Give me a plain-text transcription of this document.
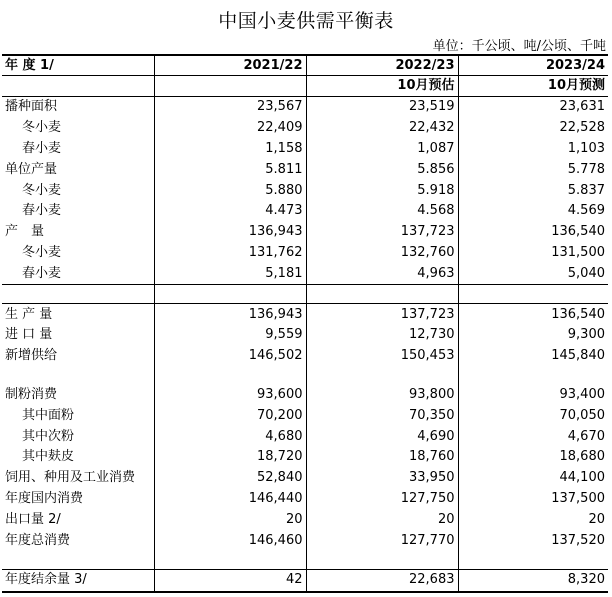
中国小麦供需平衡表
单位：千公顷、吨/公顷、千吨
年 度 1/	2021/22	2022/23	2023/24
		10月预估	10月预测
播种面积	23,567	23,519	23,631
冬小麦	22,409	22,432	22,528
春小麦	1,158	1,087	1,103
单位产量	5.811	5.856	5.778
冬小麦	5.880	5.918	5.837
春小麦	4.473	4.568	4.569
产　量	136,943	137,723	136,540
冬小麦	131,762	132,760	131,500
春小麦	5,181	4,963	5,040

生 产 量	136,943	137,723	136,540
进 口 量	9,559	12,730	9,300
新增供给	146,502	150,453	145,840

制粉消费	93,600	93,800	93,400
其中面粉	70,200	70,350	70,050
其中次粉	4,680	4,690	4,670
其中麸皮	18,720	18,760	18,680
饲用、种用及工业消费	52,840	33,950	44,100
年度国内消费	146,440	127,750	137,500
出口量 2/	20	20	20
年度总消费	146,460	127,770	137,520

年度结余量 3/	42	22,683	8,320
